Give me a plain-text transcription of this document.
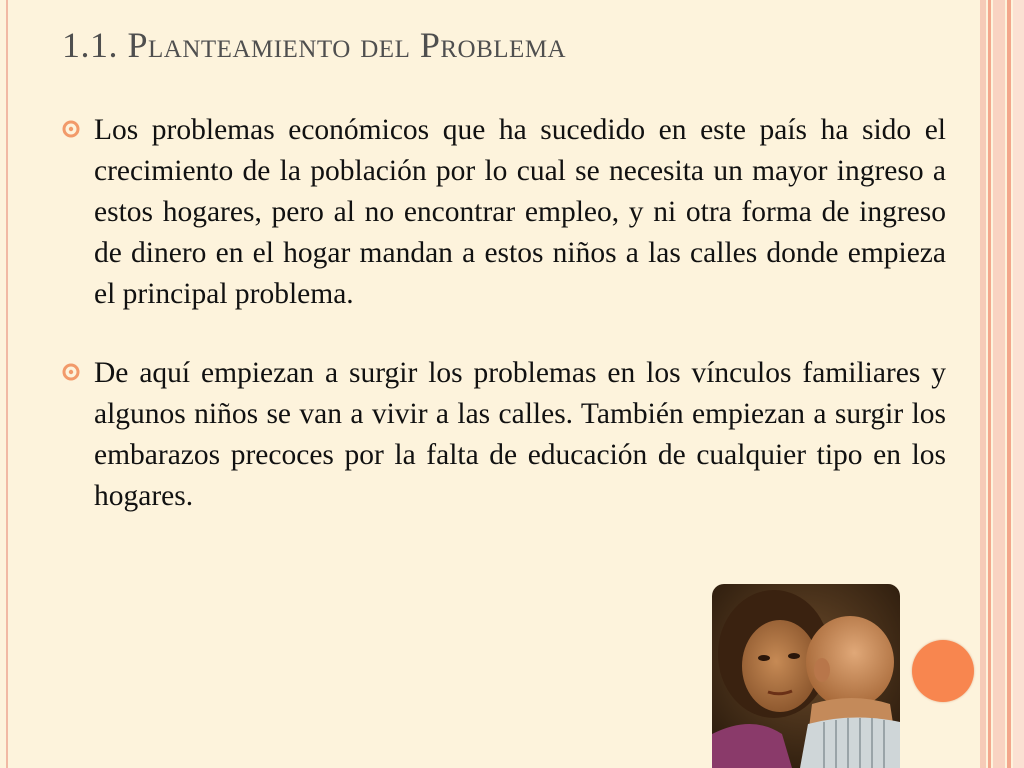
1.1. Planteamiento del Problema
Los problemas económicos que ha sucedido en este país ha sido el crecimiento de la población por lo cual se necesita un mayor ingreso a estos hogares, pero al no encontrar empleo, y ni otra forma de ingreso de dinero en el hogar mandan a estos niños a las calles donde empieza el principal problema.
De aquí empiezan a surgir los problemas en los vínculos familiares y algunos niños se van a vivir a las calles. También empiezan a surgir los embarazos precoces por la falta de educación de cualquier tipo en los hogares.
